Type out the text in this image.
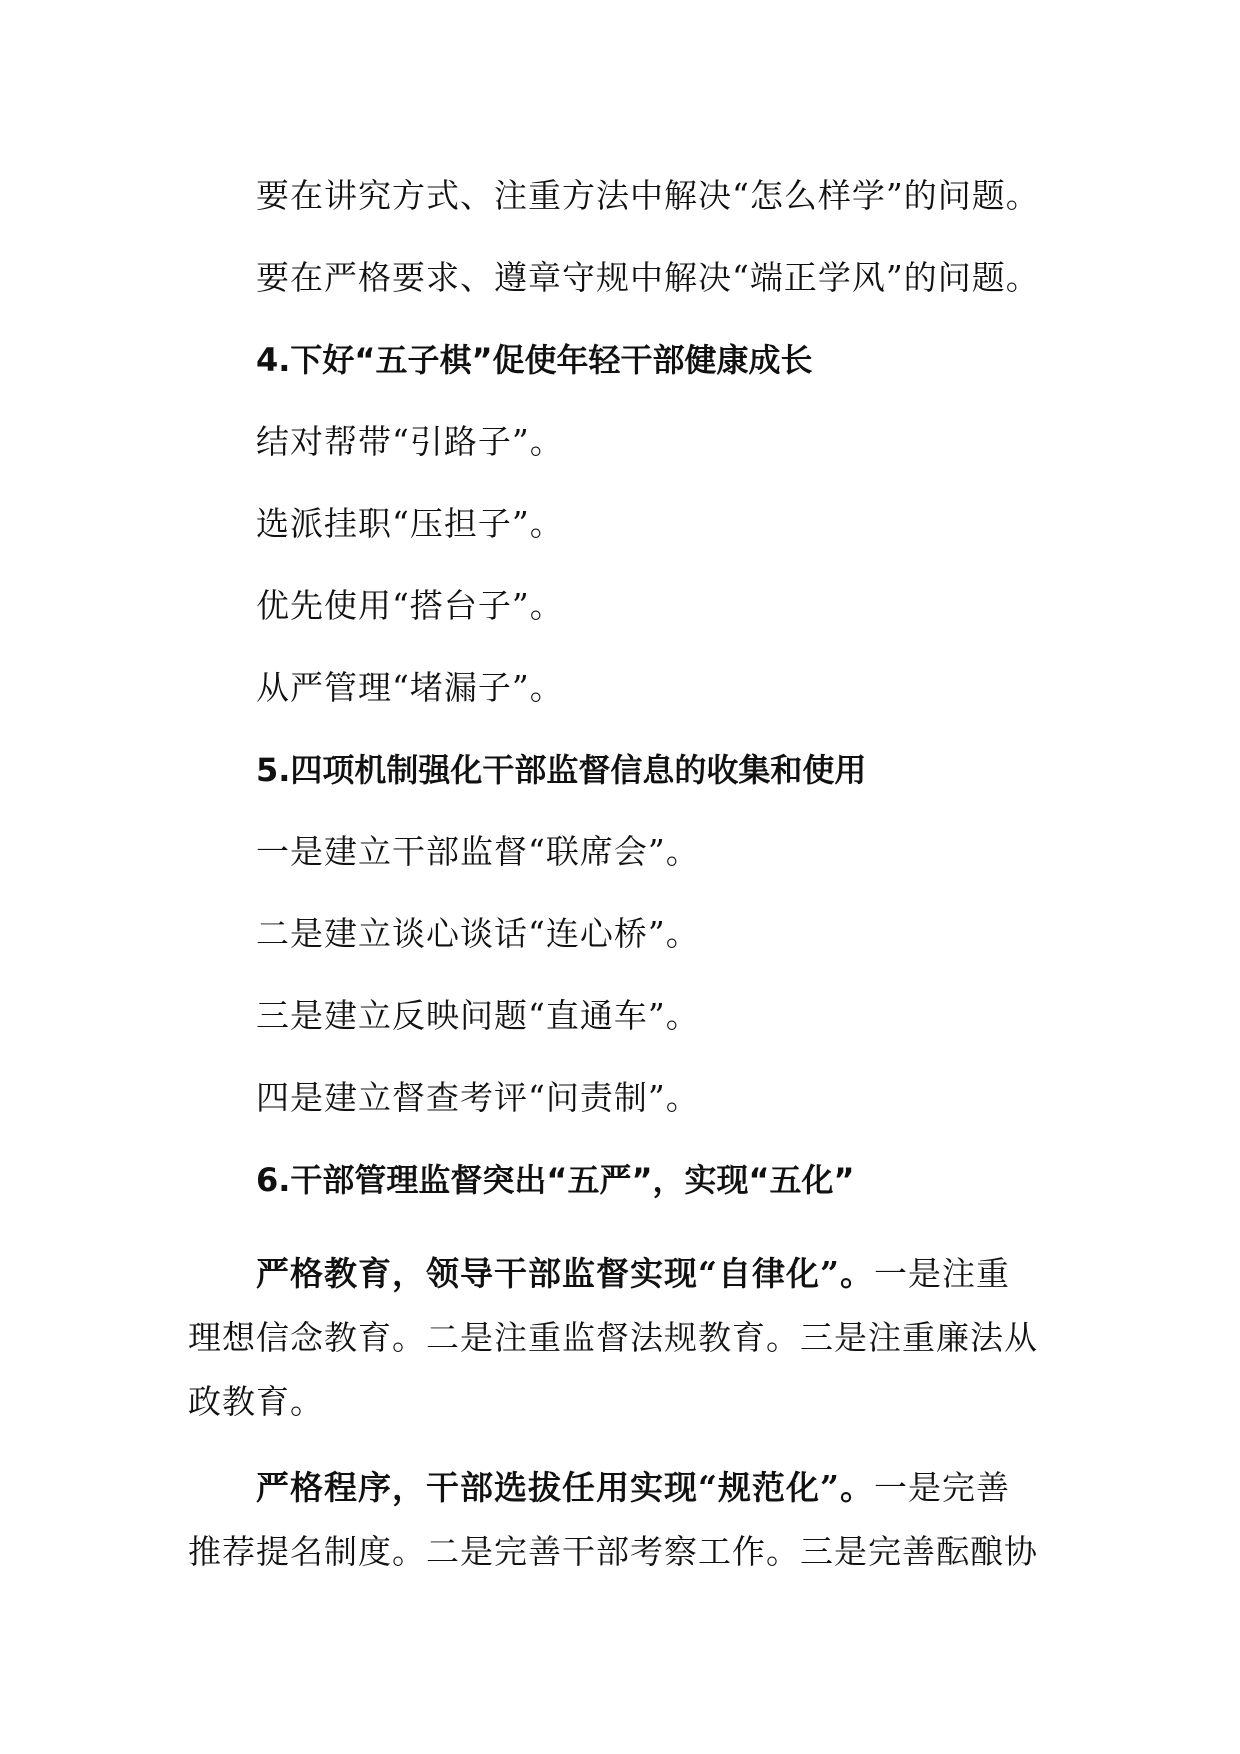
要在讲究方式、注重方法中解决“怎么样学”的问题。
要在严格要求、遵章守规中解决“端正学风”的问题。
4.下好“五子棋”促使年轻干部健康成长
结对帮带“引路子”。
选派挂职“压担子”。
优先使用“搭台子”。
从严管理“堵漏子”。
5.四项机制强化干部监督信息的收集和使用
一是建立干部监督“联席会”。
二是建立谈心谈话“连心桥”。
三是建立反映问题“直通车”。
四是建立督查考评“问责制”。
6.干部管理监督突出“五严”，实现“五化”
严格教育，领导干部监督实现“自律化”。一是注重
理想信念教育。二是注重监督法规教育。三是注重廉法从
政教育。
严格程序，干部选拔任用实现“规范化”。一是完善
推荐提名制度。二是完善干部考察工作。三是完善酝酿协
